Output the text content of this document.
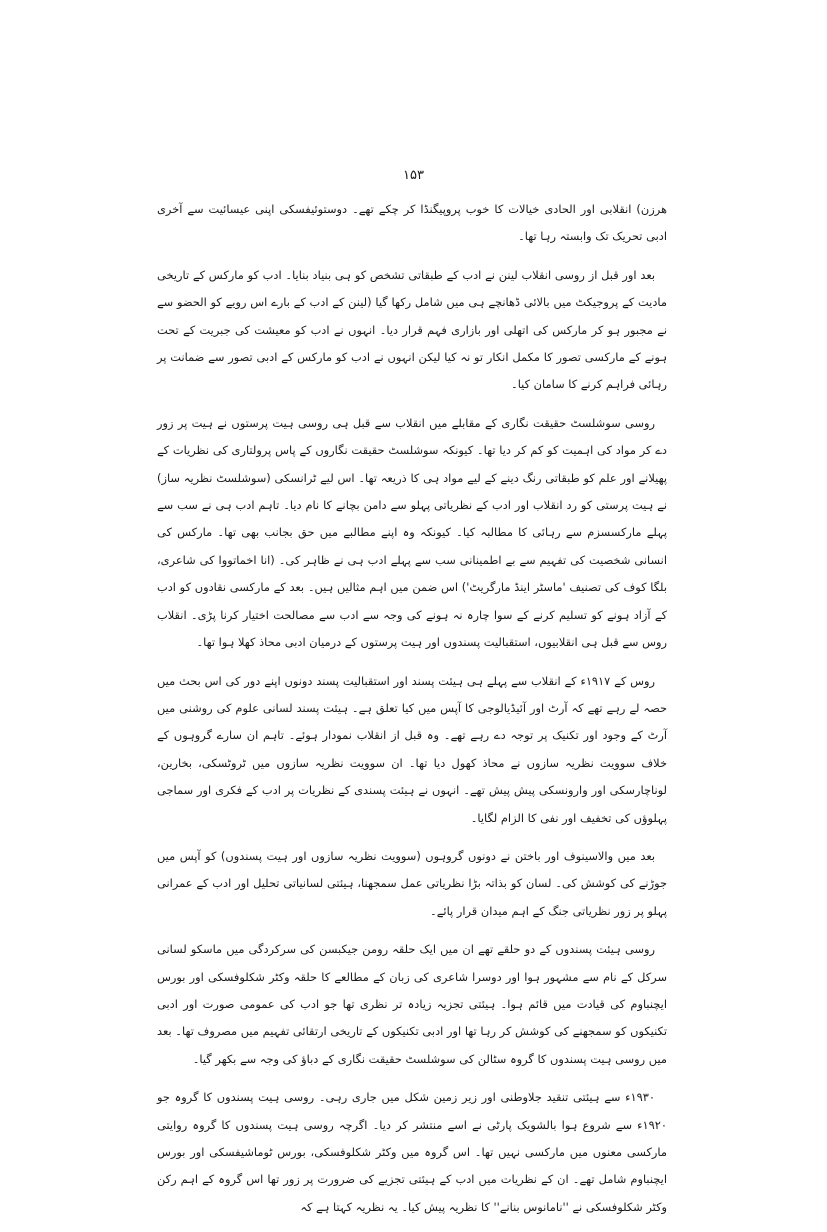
۱۵۳

ھرزن) انقلابی اور الحادی خیالات کا خوب پروپیگنڈا کر چکے تھے۔ دوستوئیفسکی اپنی عیسائیت سے آخری ادبی تحریک تک وابستہ رہا تھا۔

بعد اور قبل از روسی انقلاب لینن نے ادب کے طبقاتی تشخص کو ہی بنیاد بنایا۔ ادب کو مارکس کے تاریخی مادیت کے پروجیکٹ میں بالائی ڈھانچے ہی میں شامل رکھا گیا (لینن کے ادب کے بارے اس رویے کو الحضو سے نے مجبور ہو کر مارکس کی اتھلی اور بازاری فہم قرار دیا۔ انہوں نے ادب کو معیشت کی جبریت کے تحت ہونے کے مارکسی تصور کا مکمل انکار تو نہ کیا لیکن انہوں نے ادب کو مارکس کے ادبی تصور سے ضمانت پر رہائی فراہم کرنے کا سامان کیا۔

روسی سوشلسٹ حقیقت نگاری کے مقابلے میں انقلاب سے قبل ہی روسی ہیت پرستوں نے ہیت پر زور دے کر مواد کی اہمیت کو کم کر دیا تھا۔ کیونکہ سوشلسٹ حقیقت نگاروں کے پاس پرولتاری کی نظریات کے پھیلانے اور علم کو طبقاتی رنگ دینے کے لیے مواد ہی کا ذریعہ تھا۔ اس لیے ٹرانسکی (سوشلسٹ نظریہ ساز) نے ہیت پرستی کو رد انقلاب اور ادب کے نظریاتی پہلو سے دامن بچانے کا نام دیا۔ تاہم ادب ہی نے سب سے پہلے مارکسسزم سے رہائی کا مطالبہ کیا۔ کیونکہ وہ اپنے مطالبے میں حق بجانب بھی تھا۔ مارکس کی انسانی شخصیت کی تفہیم سے بے اطمینانی سب سے پہلے ادب ہی نے ظاہر کی۔ (انا اخماتووا کی شاعری، بلگا کوف کی تصنیف 'ماسٹر اینڈ مارگریٹ') اس ضمن میں اہم مثالیں ہیں۔ بعد کے مارکسی نقادوں کو ادب کے آزاد ہونے کو تسلیم کرنے کے سوا چارہ نہ ہونے کی وجہ سے ادب سے مصالحت اختیار کرنا پڑی۔ انقلاب روس سے قبل ہی انقلابیوں، استقبالیت پسندوں اور ہیت پرستوں کے درمیان ادبی محاذ کھلا ہوا تھا۔

روس کے ۱۹۱۷ء کے انقلاب سے پہلے ہی ہیئت پسند اور استقبالیت پسند دونوں اپنے دور کی اس بحث میں حصہ لے رہے تھے کہ آرٹ اور آئیڈیالوجی کا آپس میں کیا تعلق ہے۔ ہیئت پسند لسانی علوم کی روشنی میں آرٹ کے وجود اور تکنیک پر توجہ دے رہے تھے۔ وہ قبل از انقلاب نمودار ہوئے۔ تاہم ان سارے گروہوں کے خلاف سوویت نظریہ سازوں نے محاذ کھول دیا تھا۔ ان سوویت نظریہ سازوں میں ٹروٹسکی، بخارین، لوناچارسکی اور وارونسکی پیش پیش تھے۔ انہوں نے ہیئت پسندی کے نظریات پر ادب کے فکری اور سماجی پہلوؤں کی تخفیف اور نفی کا الزام لگایا۔

بعد میں والاسینوف اور باختن نے دونوں گروہوں (سوویت نظریہ سازوں اور ہیت پسندوں) کو آپس میں جوڑنے کی کوشش کی۔ لسان کو بذاتہ بڑا نظریاتی عمل سمجھنا، ہیئتی لسانیاتی تحلیل اور ادب کے عمرانی پہلو پر زور نظریاتی جنگ کے اہم میدان قرار پائے۔

روسی ہیئت پسندوں کے دو حلقے تھے ان میں ایک حلقہ رومن جیکبسن کی سرکردگی میں ماسکو لسانی سرکل کے نام سے مشہور ہوا اور دوسرا شاعری کی زبان کے مطالعے کا حلقہ وکٹر شکلوفسکی اور بورس ایچنباوم کی قیادت میں قائم ہوا۔ ہیئتی تجزیہ زیادہ تر نظری تھا جو ادب کی عمومی صورت اور ادبی تکنیکوں کو سمجھنے کی کوشش کر رہا تھا اور ادبی تکنیکوں کے تاریخی ارتقائی تفہیم میں مصروف تھا۔ بعد میں روسی ہیت پسندوں کا گروہ سٹالن کی سوشلسٹ حقیقت نگاری کے دباؤ کی وجہ سے بکھر گیا۔

۱۹۳۰ء سے ہیئتی تنقید جلاوطنی اور زیر زمین شکل میں جاری رہی۔ روسی ہیت پسندوں کا گروہ جو ۱۹۲۰ء سے شروع ہوا بالشویک پارٹی نے اسے منتشر کر دیا۔ اگرچہ روسی ہیت پسندوں کا گروہ روایتی مارکسی معنوں میں مارکسی نہیں تھا۔ اس گروہ میں وکٹر شکلوفسکی، بورس ٹوماشیفسکی اور بورس ایچنباوم شامل تھے۔ ان کے نظریات میں ادب کے ہیئتی تجزیے کی ضرورت پر زور تھا اس گروہ کے اہم رکن وکٹر شکلوفسکی نے ''نامانوس بنانے'' کا نظریہ پیش کیا۔ یہ نظریہ کہتا ہے کہ
